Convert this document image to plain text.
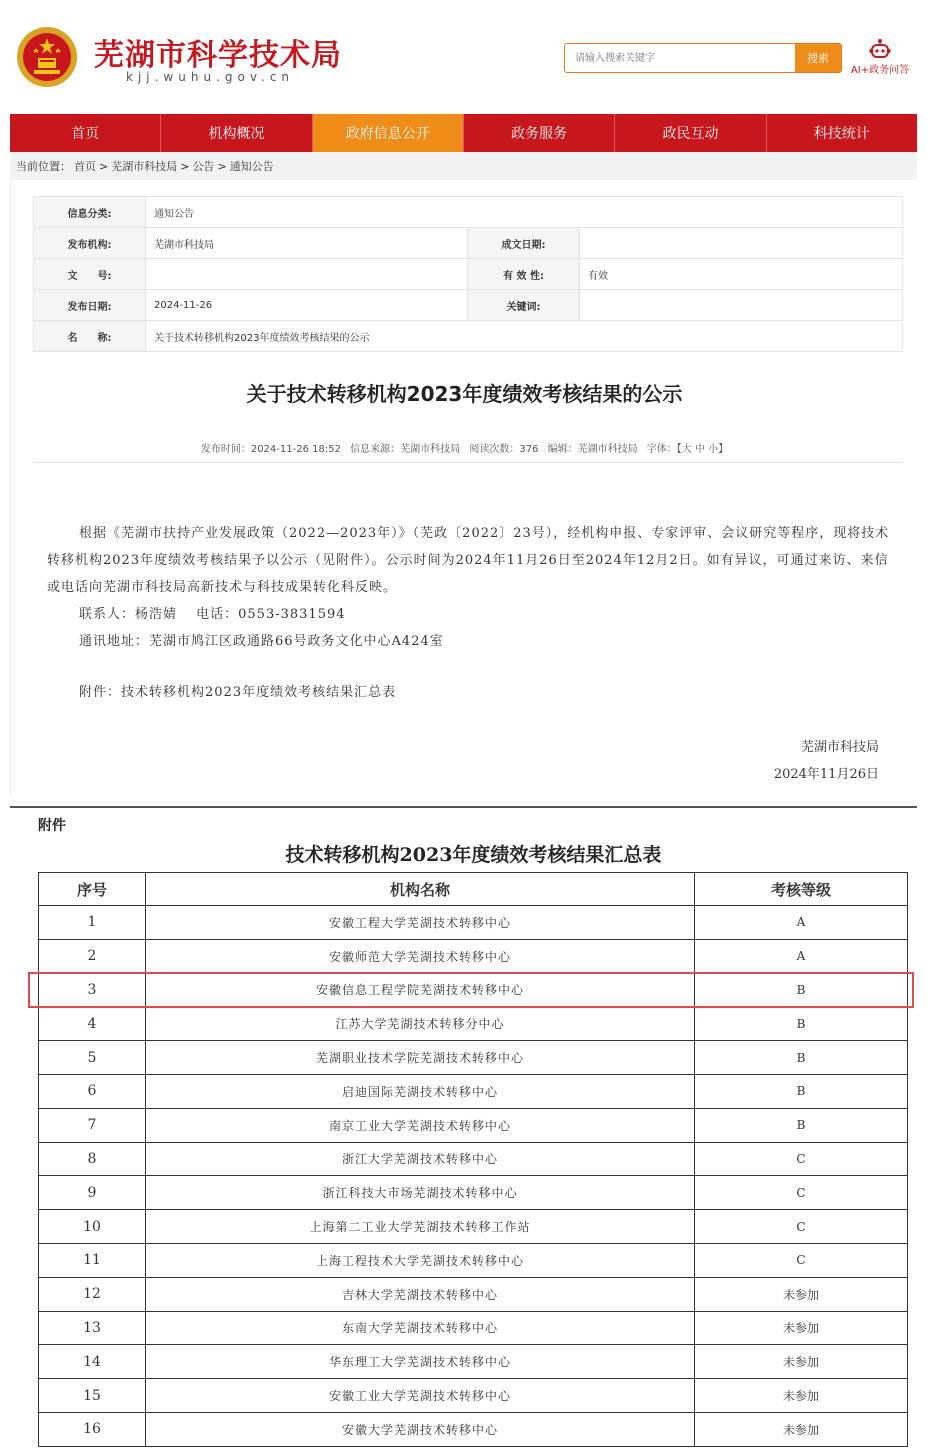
芜湖市科学技术局
kjj.wuhu.gov.cn
请输入搜索关键字
搜索
AI+政务问答
首页	机构概况	政府信息公开	政务服务	政民互动	科技统计
当前位置： 首页 > 芜湖市科技局 > 公告 > 通知公告
信息分类:	通知公告		
发布机构:	芜湖市科技局	成文日期:	
文　　号:		有 效 性:	有效
发布日期:	2024-11-26	关键词:	
名　　称:	关于技术转移机构2023年度绩效考核结果的公示		
关于技术转移机构2023年度绩效考核结果的公示
发布时间：2024-11-26 18:52 信息来源：芜湖市科技局 阅读次数：376 编辑：芜湖市科技局 字体：【大 中 小】

根据《芜湖市扶持产业发展政策（2022—2023年）》（芜政〔2022〕23号），经机构申报、专家评审、会议研究等程序，现将技术转移机构2023年度绩效考核结果予以公示（见附件）。公示时间为2024年11月26日至2024年12月2日。如有异议，可通过来访、来信或电话向芜湖市科技局高新技术与科技成果转化科反映。

联系人：杨浩婧　 电话：0553-3831594

通讯地址：芜湖市鸠江区政通路66号政务文化中心A424室

附件：技术转移机构2023年度绩效考核结果汇总表

芜湖市科技局
2024年11月26日
附件
技术转移机构2023年度绩效考核结果汇总表
序号	机构名称	考核等级
1	安徽工程大学芜湖技术转移中心	A
2	安徽师范大学芜湖技术转移中心	A
3	安徽信息工程学院芜湖技术转移中心	B
4	江苏大学芜湖技术转移分中心	B
5	芜湖职业技术学院芜湖技术转移中心	B
6	启迪国际芜湖技术转移中心	B
7	南京工业大学芜湖技术转移中心	B
8	浙江大学芜湖技术转移中心	C
9	浙江科技大市场芜湖技术转移中心	C
10	上海第二工业大学芜湖技术转移工作站	C
11	上海工程技术大学芜湖技术转移中心	C
12	吉林大学芜湖技术转移中心	未参加
13	东南大学芜湖技术转移中心	未参加
14	华东理工大学芜湖技术转移中心	未参加
15	安徽工业大学芜湖技术转移中心	未参加
16	安徽大学芜湖技术转移中心	未参加
